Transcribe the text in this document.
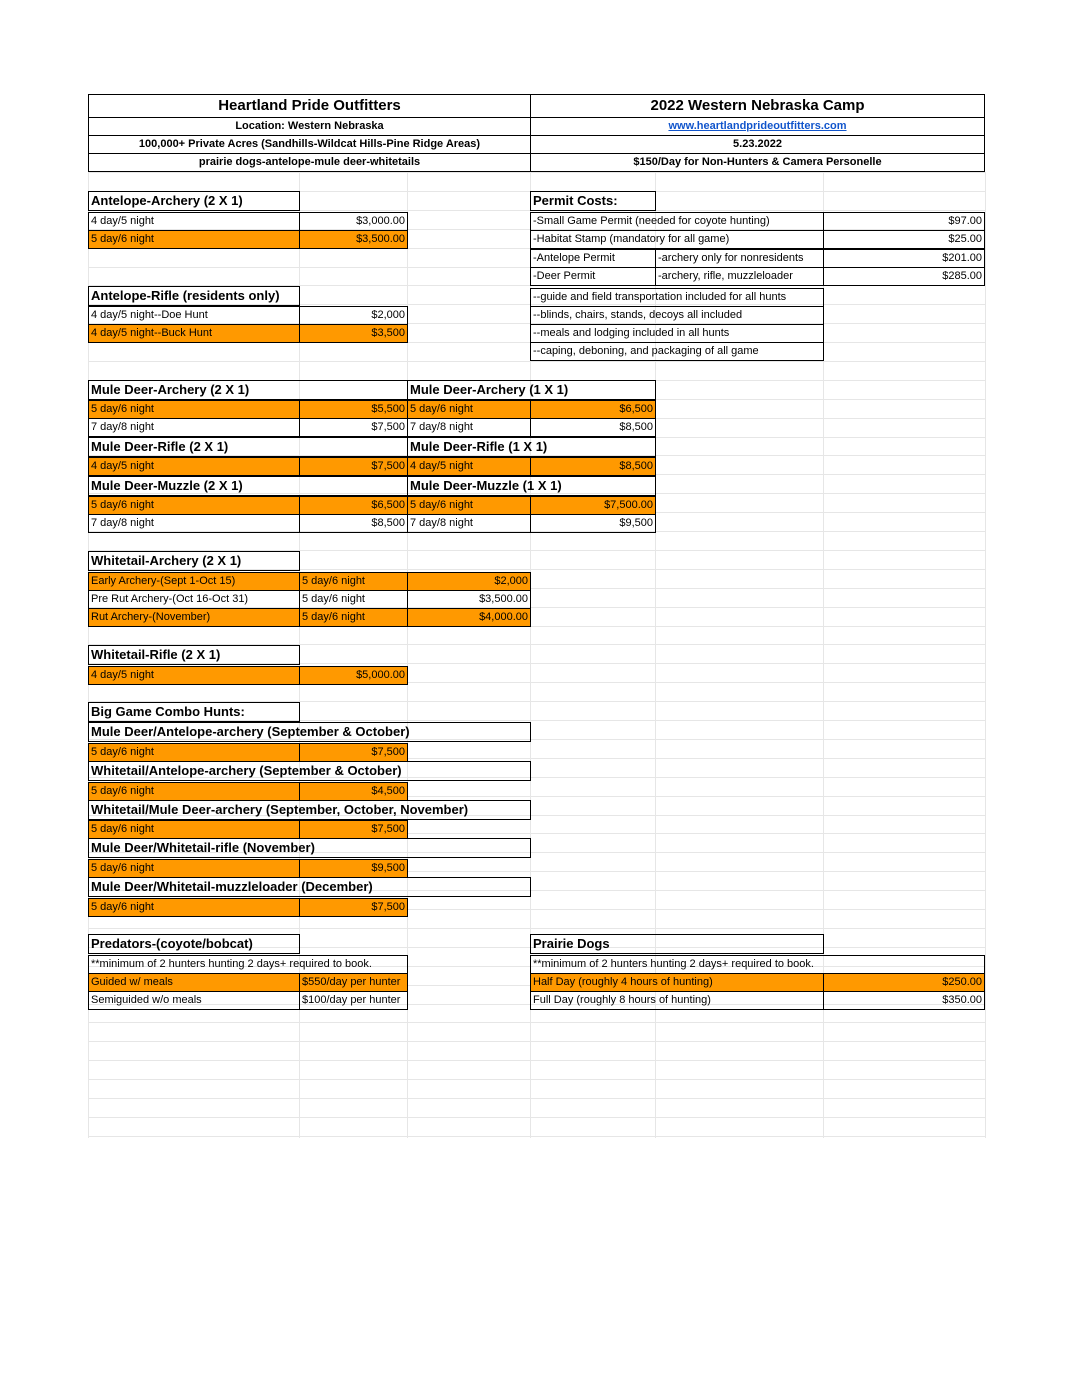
Heartland Pride Outfitters	2022 Western Nebraska Camp
Location: Western Nebraska	www.heartlandprideoutfitters.com
100,000+ Private Acres (Sandhills-Wildcat Hills-Pine Ridge Areas)	5.23.2022
prairie dogs-antelope-mule deer-whitetails	$150/Day for Non-Hunters & Camera Personelle
Antelope-Archery (2 X 1)
4 day/5 night	$3,000.00
5 day/6 night	$3,500.00
Antelope-Rifle (residents only)
4 day/5 night--Doe Hunt	$2,000
4 day/5 night--Buck Hunt	$3,500
Permit Costs:
-Small Game Permit (needed for coyote hunting)	$97.00
-Habitat Stamp (mandatory for all game)	$25.00
-Antelope Permit	-archery only for nonresidents	$201.00
-Deer Permit	-archery, rifle, muzzleloader	$285.00
--guide and field transportation included for all hunts
--blinds, chairs, stands, decoys all included
--meals and lodging included in all hunts
--caping, deboning, and packaging of all game
Mule Deer-Archery (2 X 1)	Mule Deer-Archery (1 X 1)
5 day/6 night	$5,500 5 day/6 night	$6,500
7 day/8 night	$7,500 7 day/8 night	$8,500
Mule Deer-Rifle (2 X 1)	Mule Deer-Rifle (1 X 1)
4 day/5 night	$7,500 4 day/5 night	$8,500
Mule Deer-Muzzle (2 X 1)	Mule Deer-Muzzle (1 X 1)
5 day/6 night	$6,500 5 day/6 night	$7,500.00
7 day/8 night	$8,500 7 day/8 night	$9,500
Whitetail-Archery (2 X 1)
Early Archery-(Sept 1-Oct 15)	5 day/6 night	$2,000
Pre Rut Archery-(Oct 16-Oct 31)	5 day/6 night	$3,500.00
Rut Archery-(November)	5 day/6 night	$4,000.00
Whitetail-Rifle (2 X 1)
4 day/5 night	$5,000.00
Big Game Combo Hunts:
Mule Deer/Antelope-archery (September & October)
5 day/6 night	$7,500
Whitetail/Antelope-archery (September & October)
5 day/6 night	$4,500
Whitetail/Mule Deer-archery (September, October, November)
5 day/6 night	$7,500
Mule Deer/Whitetail-rifle (November)
5 day/6 night	$9,500
Mule Deer/Whitetail-muzzleloader (December)
5 day/6 night	$7,500
Predators-(coyote/bobcat)
**minimum of 2 hunters hunting 2 days+ required to book.
Guided w/ meals	$550/day per hunter
Semiguided w/o meals	$100/day per hunter
Prairie Dogs
**minimum of 2 hunters hunting 2 days+ required to book.
Half Day (roughly 4 hours of hunting)	$250.00
Full Day (roughly 8 hours of hunting)	$350.00
